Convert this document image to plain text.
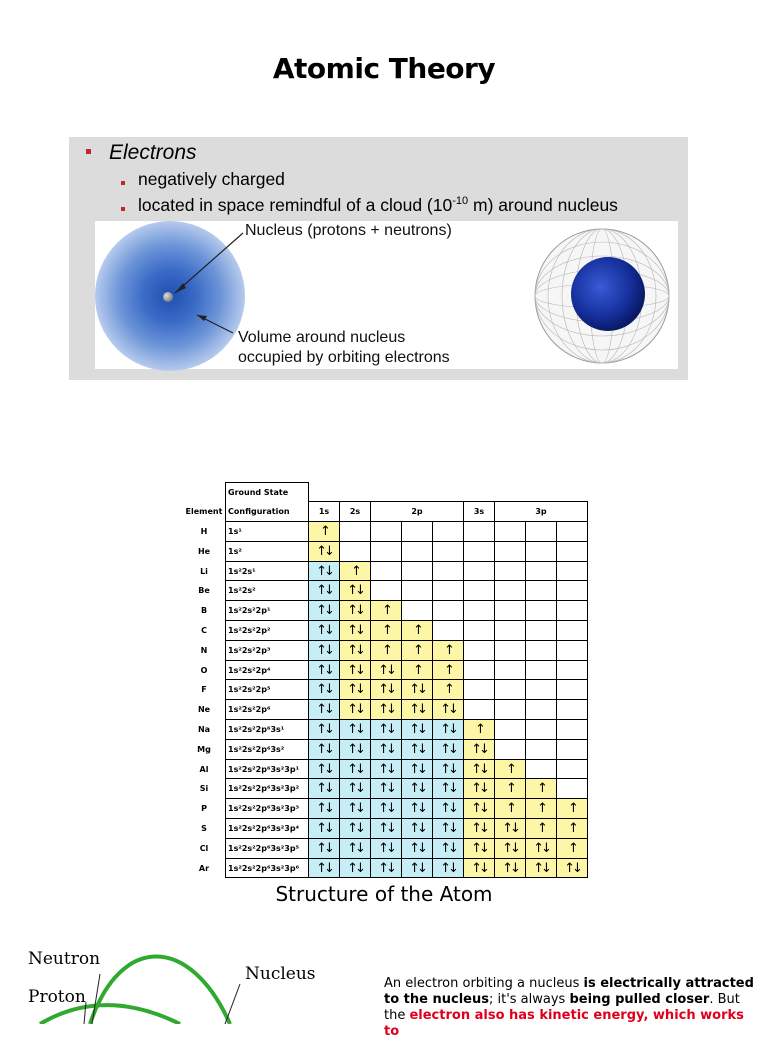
Atomic Theory
Electrons
negatively charged
located in space remindful of a cloud ($10^{-10}$ m) around nucleus
Nucleus (protons + neutrons)
Volume around nucleus
occupied by orbiting electrons
	Ground State									
Element	Configuration	1s	2s	2p			3s	3p		
H	1s¹	↑								
He	1s²	↑↓								
Li	1s²2s¹	↑↓	↑							
Be	1s²2s²	↑↓	↑↓							
B	1s²2s²2p¹	↑↓	↑↓	↑						
C	1s²2s²2p²	↑↓	↑↓	↑	↑					
N	1s²2s²2p³	↑↓	↑↓	↑	↑	↑				
O	1s²2s²2p⁴	↑↓	↑↓	↑↓	↑	↑				
F	1s²2s²2p⁵	↑↓	↑↓	↑↓	↑↓	↑				
Ne	1s²2s²2p⁶	↑↓	↑↓	↑↓	↑↓	↑↓				
Na	1s²2s²2p⁶3s¹	↑↓	↑↓	↑↓	↑↓	↑↓	↑			
Mg	1s²2s²2p⁶3s²	↑↓	↑↓	↑↓	↑↓	↑↓	↑↓			
Al	1s²2s²2p⁶3s²3p¹	↑↓	↑↓	↑↓	↑↓	↑↓	↑↓	↑		
Si	1s²2s²2p⁶3s²3p²	↑↓	↑↓	↑↓	↑↓	↑↓	↑↓	↑	↑	
P	1s²2s²2p⁶3s²3p³	↑↓	↑↓	↑↓	↑↓	↑↓	↑↓	↑	↑	↑
S	1s²2s²2p⁶3s²3p⁴	↑↓	↑↓	↑↓	↑↓	↑↓	↑↓	↑↓	↑	↑
Cl	1s²2s²2p⁶3s²3p⁵	↑↓	↑↓	↑↓	↑↓	↑↓	↑↓	↑↓	↑↓	↑
Ar	1s²2s²2p⁶3s²3p⁶	↑↓	↑↓	↑↓	↑↓	↑↓	↑↓	↑↓	↑↓	↑↓
Structure of the Atom
Neutron
Proton
Nucleus	An electron orbiting a nucleus is electrically attracted to the nucleus; it's always being pulled closer. But the electron also has kinetic energy, which works to
